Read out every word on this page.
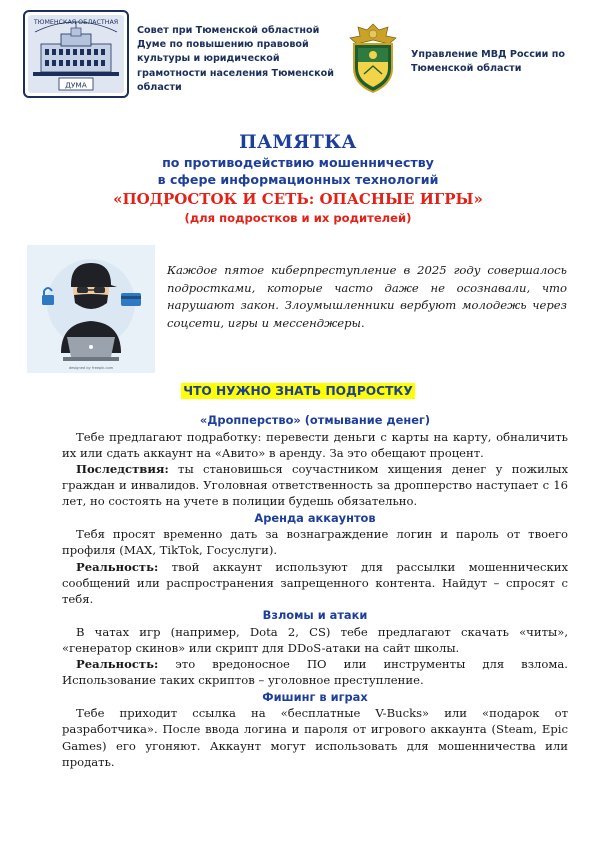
ТЮМЕНСКАЯ ОБЛАСТНАЯ
ДУМА
Совет при Тюменской областной Думе по повышению правовой культуры и юридической грамотности населения Тюменской области
Управление МВД России по Тюменской области
ПАМЯТКА
по противодействию мошенничеству
в сфере информационных технологий
«ПОДРОСТОК И СЕТЬ: ОПАСНЫЕ ИГРЫ»
(для подростков и их родителей)
designed by freepik.com
Каждое пятое киберпреступление в 2025 году совершалось подростками, которые часто даже не осознавали, что нарушают закон. Злоумышленники вербуют молодежь через соцсети, игры и мессенджеры.
ЧТО НУЖНО ЗНАТЬ ПОДРОСТКУ
«Дропперство» (отмывание денег)

Тебе предлагают подработку: перевести деньги с карты на карту, обналичить их или сдать аккаунт на «Авито» в аренду. За это обещают процент.

Последствия: ты становишься соучастником хищения денег у пожилых граждан и инвалидов. Уголовная ответственность за дропперство наступает с 16 лет, но состоять на учете в полиции будешь обязательно.

Аренда аккаунтов

Тебя просят временно дать за вознаграждение логин и пароль от твоего профиля (MAX, TikTok, Госуслуги).

Реальность: твой аккаунт используют для рассылки мошеннических сообщений или распространения запрещенного контента. Найдут – спросят с тебя.

Взломы и атаки

В чатах игр (например, Dota 2, CS) тебе предлагают скачать «читы», «генератор скинов» или скрипт для DDoS-атаки на сайт школы.

Реальность: это вредоносное ПО или инструменты для взлома. Использование таких скриптов – уголовное преступление.

Фишинг в играх

Тебе приходит ссылка на «бесплатные V-Bucks» или «подарок от разработчика». После ввода логина и пароля от игрового аккаунта (Steam, Epic Games) его угоняют. Аккаунт могут использовать для мошенничества или продать.
